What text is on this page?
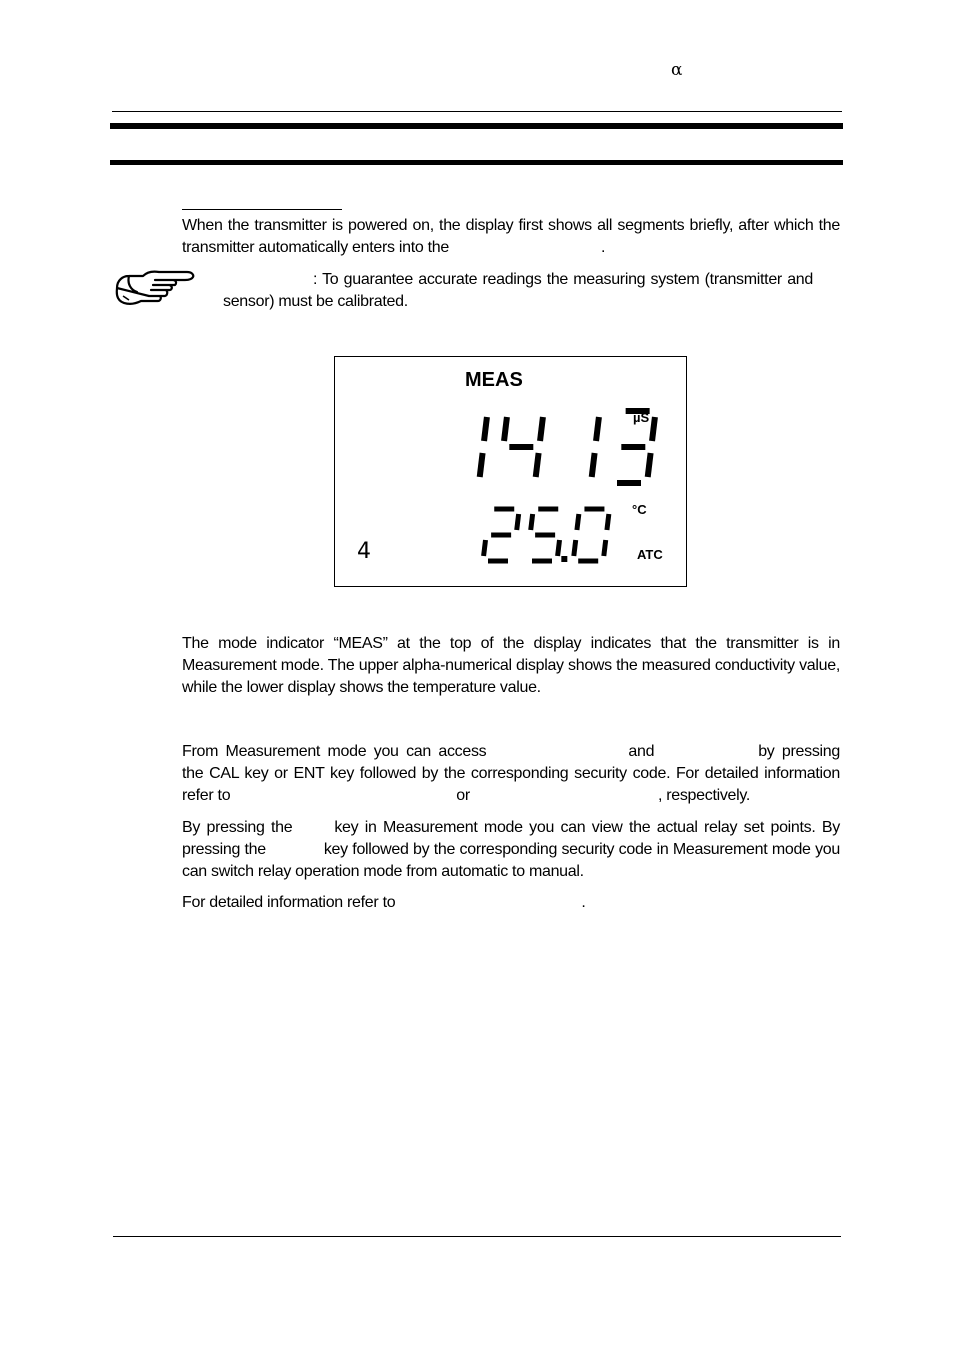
α

When the transmitter is powered on, the display first shows all segments briefly, after which the transmitter automatically enters into the	.

: To guarantee accurate readings the measuring system (transmitter and sensor) must be calibrated.
MEAS
µS
°C
ATC
4

The mode indicator “MEAS” at the top of the display indicates that the transmitter is in Measurement mode. The upper alpha-numerical display shows the measured conductivity value, while the lower display shows the temperature value.

From Measurement mode you can access	and	by pressing the CAL key or ENT key followed by the corresponding security code. For detailed information refer to	or	, respectively.

By pressing the	key in Measurement mode you can view the actual relay set points. By pressing the	key followed by the corresponding security code in Measurement mode you can switch relay operation mode from automatic to manual.

For detailed information refer to	.
